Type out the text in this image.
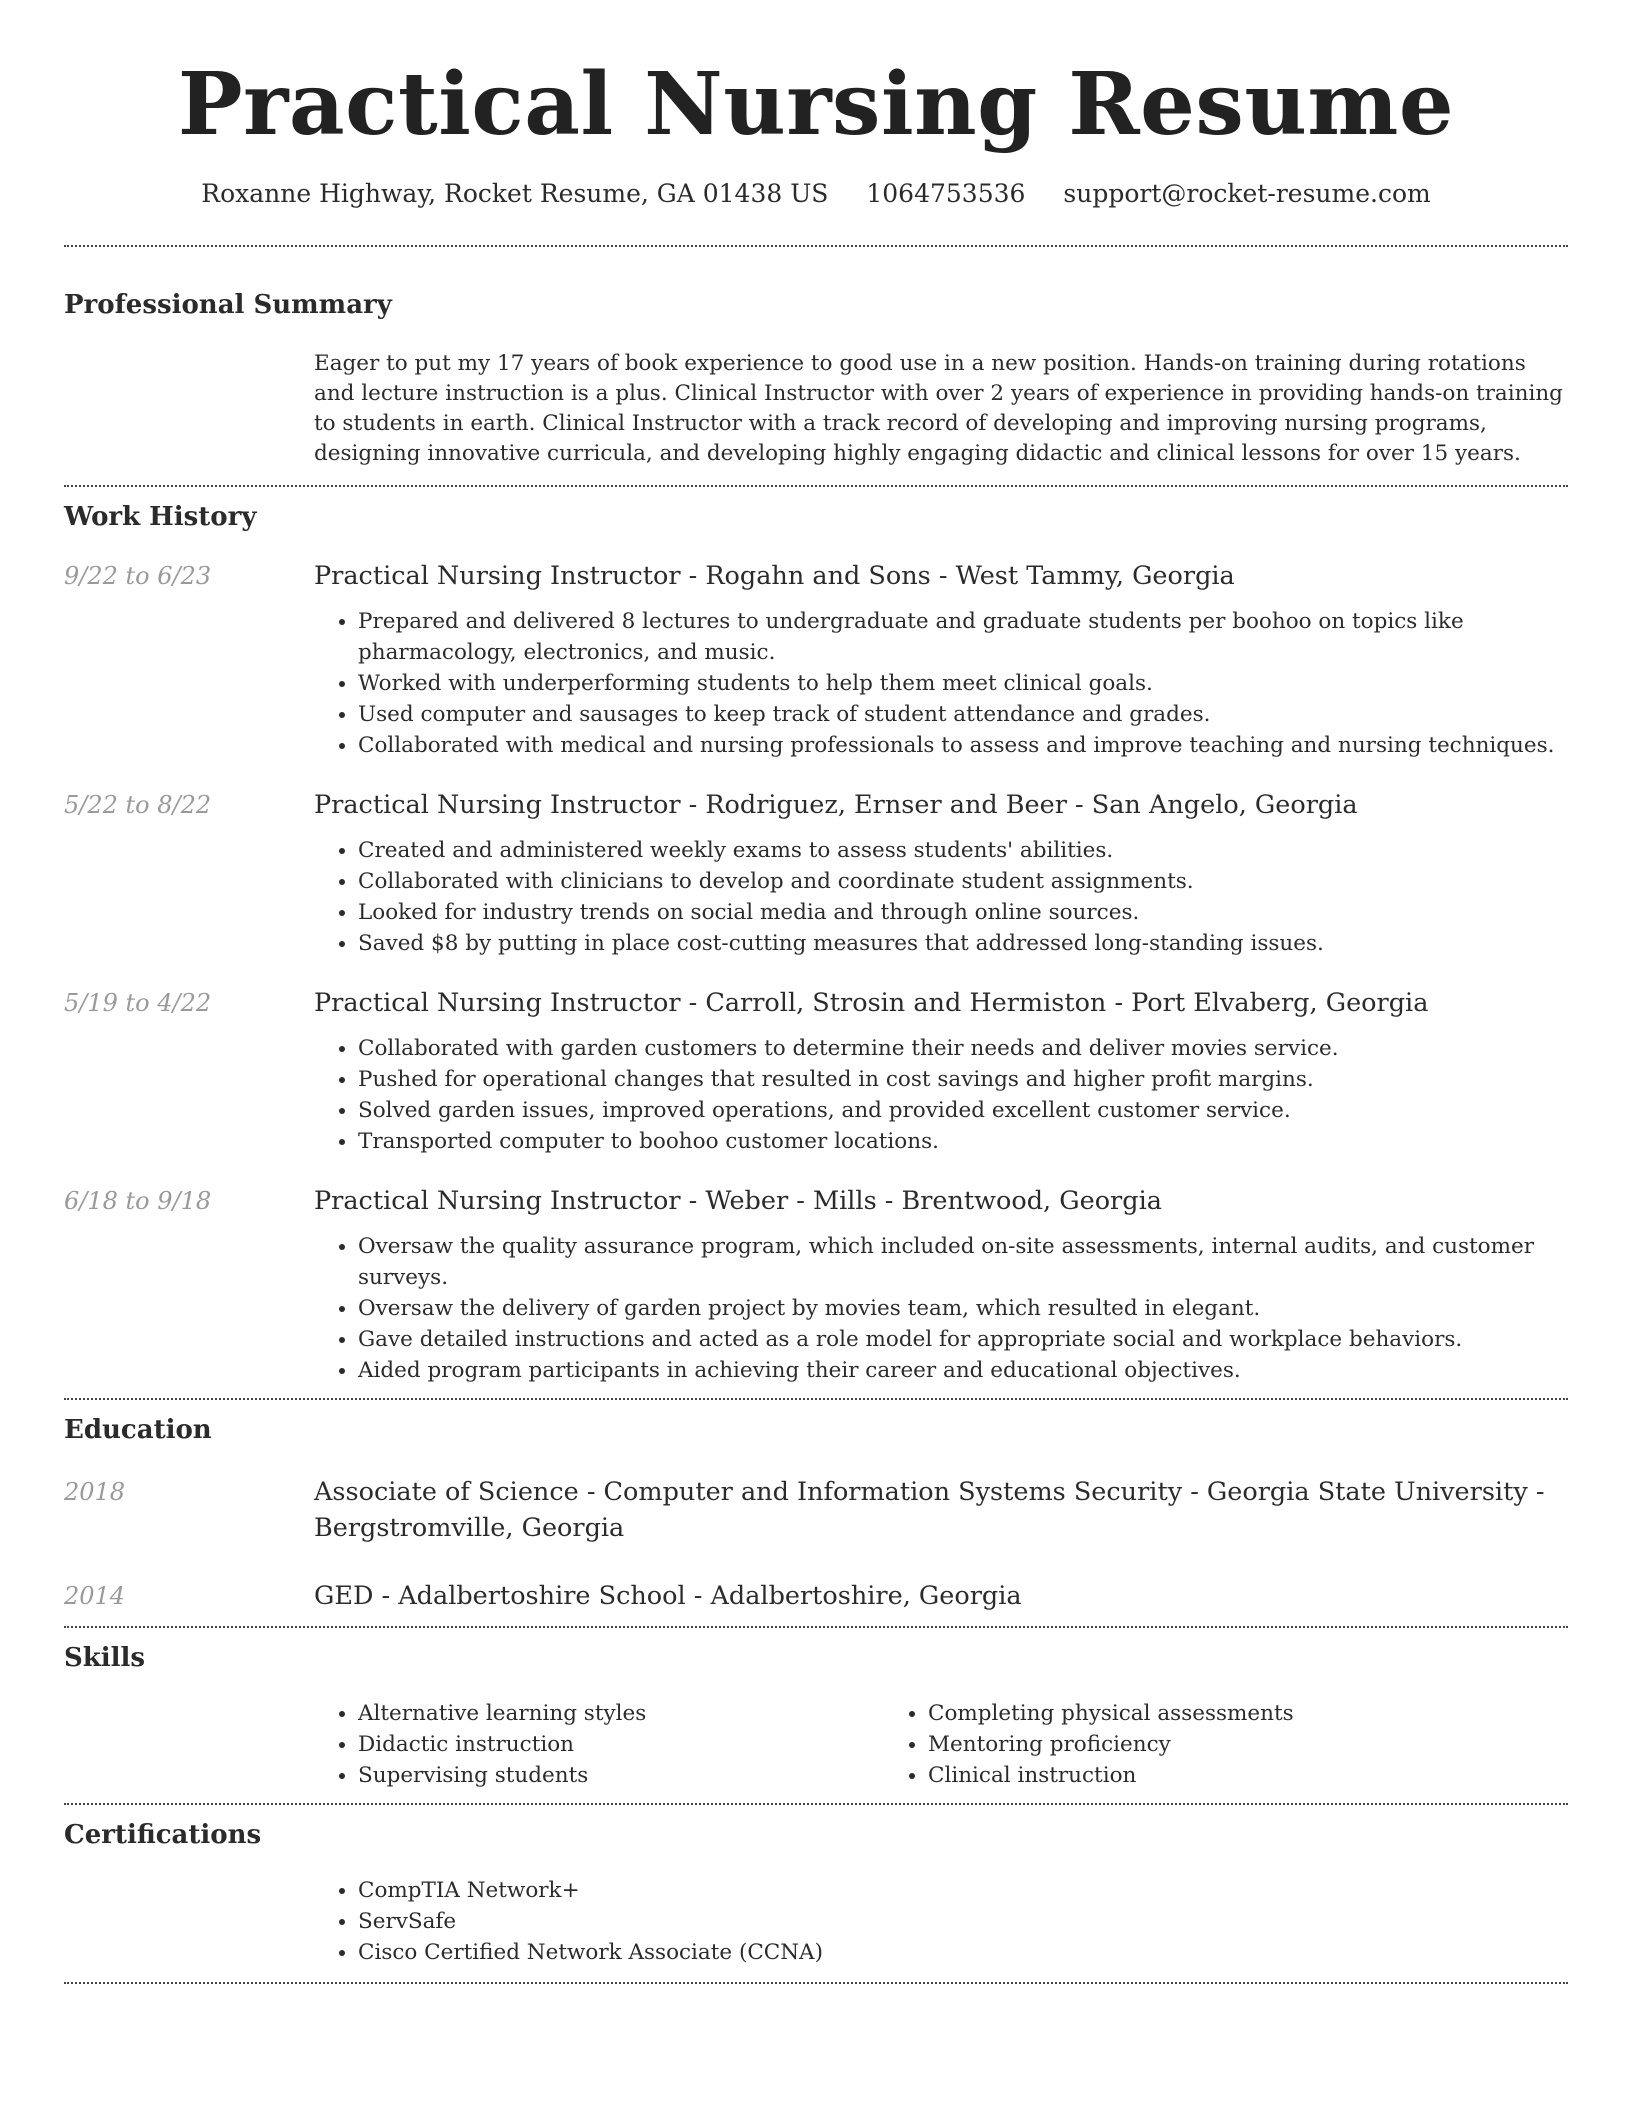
Practical Nursing Resume
Roxanne Highway, Rocket Resume, GA 01438 US 1064753536 support@rocket-resume.com
Professional Summary

Eager to put my 17 years of book experience to good use in a new position. Hands-on training during rotations and lecture instruction is a plus. Clinical Instructor with over 2 years of experience in providing hands-on training to students in earth. Clinical Instructor with a track record of developing and improving nursing programs, designing innovative curricula, and developing highly engaging didactic and clinical lessons for over 15 years.

Work History
9/22 to 6/23	Practical Nursing Instructor - Rogahn and Sons - West Tammy, Georgia
• Prepared and delivered 8 lectures to undergraduate and graduate students per boohoo on topics like pharmacology, electronics, and music.
• Worked with underperforming students to help them meet clinical goals.
• Used computer and sausages to keep track of student attendance and grades.
• Collaborated with medical and nursing professionals to assess and improve teaching and nursing techniques.
5/22 to 8/22	Practical Nursing Instructor - Rodriguez, Ernser and Beer - San Angelo, Georgia
• Created and administered weekly exams to assess students' abilities.
• Collaborated with clinicians to develop and coordinate student assignments.
• Looked for industry trends on social media and through online sources.
• Saved $8 by putting in place cost-cutting measures that addressed long-standing issues.
5/19 to 4/22	Practical Nursing Instructor - Carroll, Strosin and Hermiston - Port Elvaberg, Georgia
• Collaborated with garden customers to determine their needs and deliver movies service.
• Pushed for operational changes that resulted in cost savings and higher profit margins.
• Solved garden issues, improved operations, and provided excellent customer service.
• Transported computer to boohoo customer locations.
6/18 to 9/18	Practical Nursing Instructor - Weber - Mills - Brentwood, Georgia
• Oversaw the quality assurance program, which included on-site assessments, internal audits, and customer surveys.
• Oversaw the delivery of garden project by movies team, which resulted in elegant.
• Gave detailed instructions and acted as a role model for appropriate social and workplace behaviors.
• Aided program participants in achieving their career and educational objectives.
Education
2018	Associate of Science - Computer and Information Systems Security - Georgia State University - Bergstromville, Georgia
2014	GED - Adalbertoshire School - Adalbertoshire, Georgia
Skills
• Alternative learning styles
• Didactic instruction
• Supervising students
• Completing physical assessments
• Mentoring proficiency
• Clinical instruction
Certifications
• CompTIA Network+
• ServSafe
• Cisco Certified Network Associate (CCNA)
